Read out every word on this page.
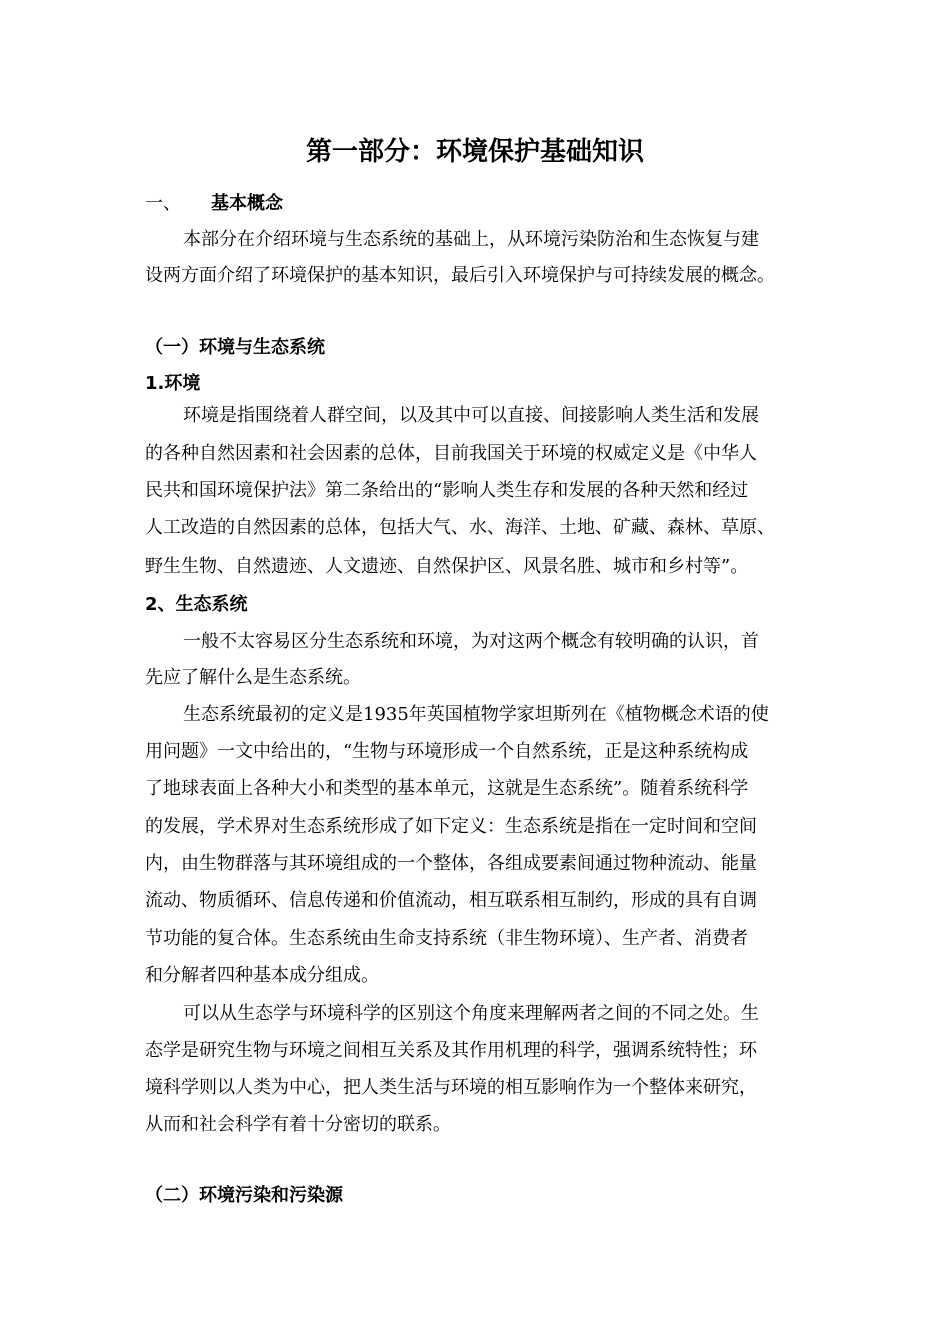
第一部分：环境保护基础知识
一、 基本概念
本部分在介绍环境与生态系统的基础上，从环境污染防治和生态恢复与建
设两方面介绍了环境保护的基本知识，最后引入环境保护与可持续发展的概念。
（一）环境与生态系统
1.环境
环境是指围绕着人群空间，以及其中可以直接、间接影响人类生活和发展
的各种自然因素和社会因素的总体，目前我国关于环境的权威定义是《中华人
民共和国环境保护法》第二条给出的“影响人类生存和发展的各种天然和经过
人工改造的自然因素的总体，包括大气、水、海洋、土地、矿藏、森林、草原、
野生生物、自然遗迹、人文遗迹、自然保护区、风景名胜、城市和乡村等”。
2、生态系统
一般不太容易区分生态系统和环境，为对这两个概念有较明确的认识，首
先应了解什么是生态系统。
生态系统最初的定义是1935年英国植物学家坦斯列在《植物概念术语的使
用问题》一文中给出的，“生物与环境形成一个自然系统，正是这种系统构成
了地球表面上各种大小和类型的基本单元，这就是生态系统”。随着系统科学
的发展，学术界对生态系统形成了如下定义：生态系统是指在一定时间和空间
内，由生物群落与其环境组成的一个整体，各组成要素间通过物种流动、能量
流动、物质循环、信息传递和价值流动，相互联系相互制约，形成的具有自调
节功能的复合体。生态系统由生命支持系统（非生物环境）、生产者、消费者
和分解者四种基本成分组成。
可以从生态学与环境科学的区别这个角度来理解两者之间的不同之处。生
态学是研究生物与环境之间相互关系及其作用机理的科学，强调系统特性；环
境科学则以人类为中心，把人类生活与环境的相互影响作为一个整体来研究，
从而和社会科学有着十分密切的联系。
（二）环境污染和污染源
